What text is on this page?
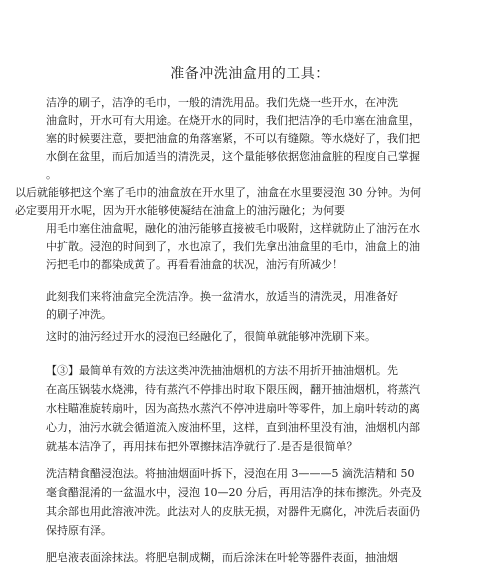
准备冲洗油盒用的工具：
洁净的刷子，洁净的毛巾，一般的清洗用品。我们先烧一些开水，在冲洗
油盒时，开水可有大用途。在烧开水的同时，我们把洁净的毛巾塞在油盒里，
塞的时候要注意，要把油盒的角落塞紧，不可以有缝隙。等水烧好了，我们把
水倒在盆里，而后加适当的清洗灵，这个量能够依据您油盒脏的程度自己掌握
。
以后就能够把这个塞了毛巾的油盒放在开水里了，油盒在水里要浸泡 30 分钟。为何
必定要用开水呢，因为开水能够使凝结在油盒上的油污融化；为何要
用毛巾塞住油盒呢，融化的油污能够直接被毛巾吸附，这样就防止了油污在水
中扩散。浸泡的时间到了，水也凉了，我们先拿出油盒里的毛巾，油盒上的油
污把毛巾的都染成黄了。再看看油盒的状况，油污有所减少！
此刻我们来将油盒完全洗洁净。换一盆清水，放适当的清洗灵，用准备好
的刷子冲洗。
这时的油污经过开水的浸泡已经融化了，很简单就能够冲洗刷下来。
【③】最简单有效的方法这类冲洗抽油烟机的方法不用折开抽油烟机。先
在高压锅装水烧沸，待有蒸汽不停排出时取下限压阀，翻开抽油烟机，将蒸汽
水柱瞄准旋转扇叶，因为高热水蒸汽不停冲进扇叶等零件，加上扇叶转动的离
心力，油污水就会循道流入废油杯里，这样，直到油杯里没有油，油烟机内部
就基本洁净了，再用抹布把外罩擦抹洁净就行了.是否是很简单？
洗洁精食醋浸泡法。将抽油烟面叶拆下，浸泡在用 3———5 滴洗洁精和 50
毫食醋混淆的一盆温水中，浸泡 10—20 分后，再用洁净的抹布擦洗。外壳及
其余部也用此溶液冲洗。此法对人的皮肤无损，对器件无腐化，冲洗后表面仍
保持原有泽。
肥皂液表面涂抹法。将肥皂制成糊，而后涂沫在叶轮等器件表面，抽油烟
